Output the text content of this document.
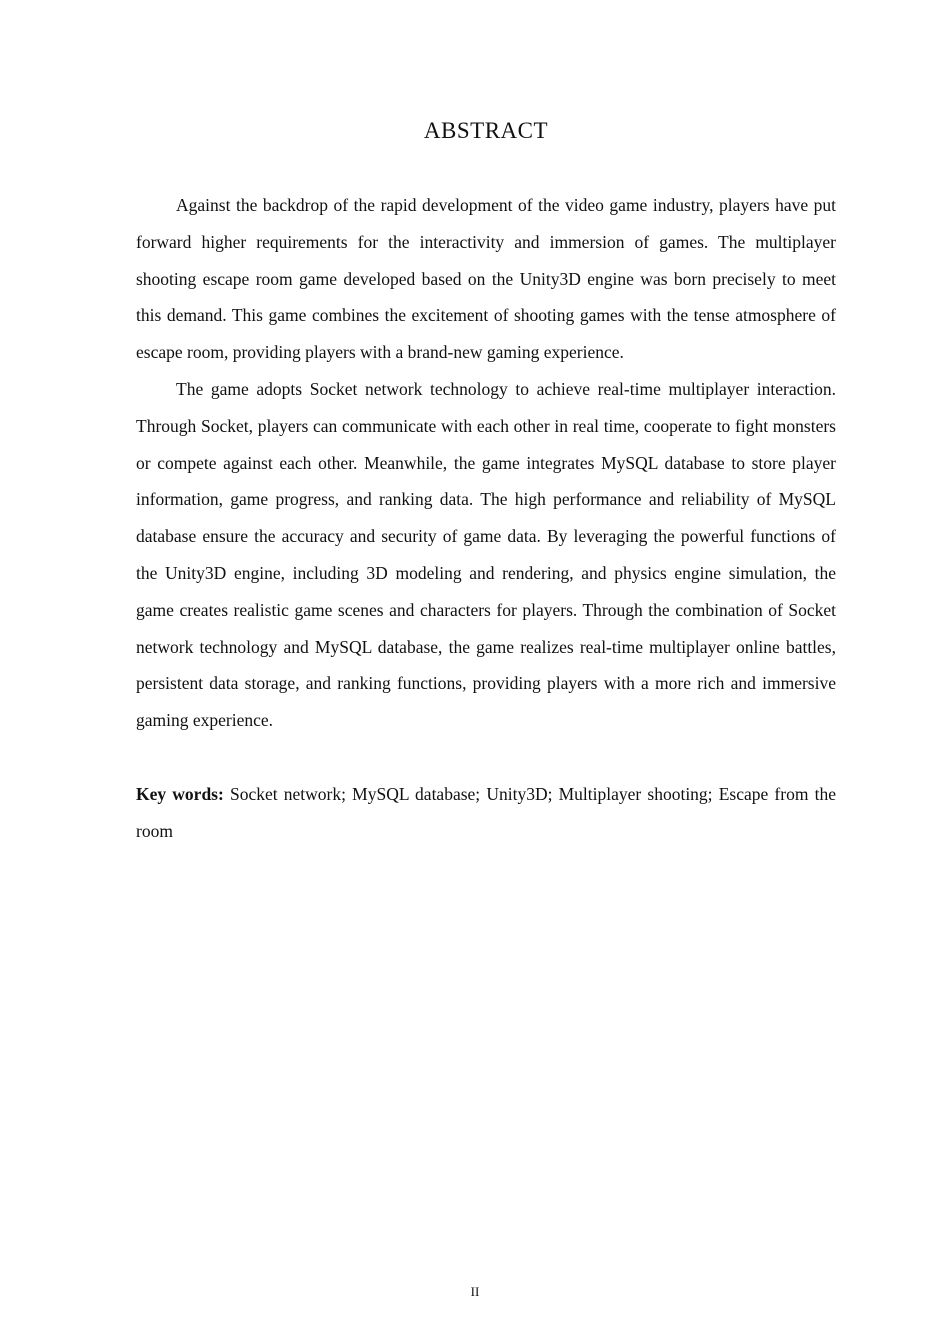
ABSTRACT

Against the backdrop of the rapid development of the video game industry, players have put forward higher requirements for the interactivity and immersion of games. The multiplayer shooting escape room game developed based on the Unity3D engine was born precisely to meet this demand. This game combines the excitement of shooting games with the tense atmosphere of escape room, providing players with a brand-new gaming experience.

The game adopts Socket network technology to achieve real-time multiplayer interaction. Through Socket, players can communicate with each other in real time, cooperate to fight monsters or compete against each other. Meanwhile, the game integrates MySQL database to store player information, game progress, and ranking data. The high performance and reliability of MySQL database ensure the accuracy and security of game data. By leveraging the powerful functions of the Unity3D engine, including 3D modeling and rendering, and physics engine simulation, the game creates realistic game scenes and characters for players. Through the combination of Socket network technology and MySQL database, the game realizes real-time multiplayer online battles, persistent data storage, and ranking functions, providing players with a more rich and immersive gaming experience.

Key words: Socket network; MySQL database; Unity3D; Multiplayer shooting; Escape from the room

II
